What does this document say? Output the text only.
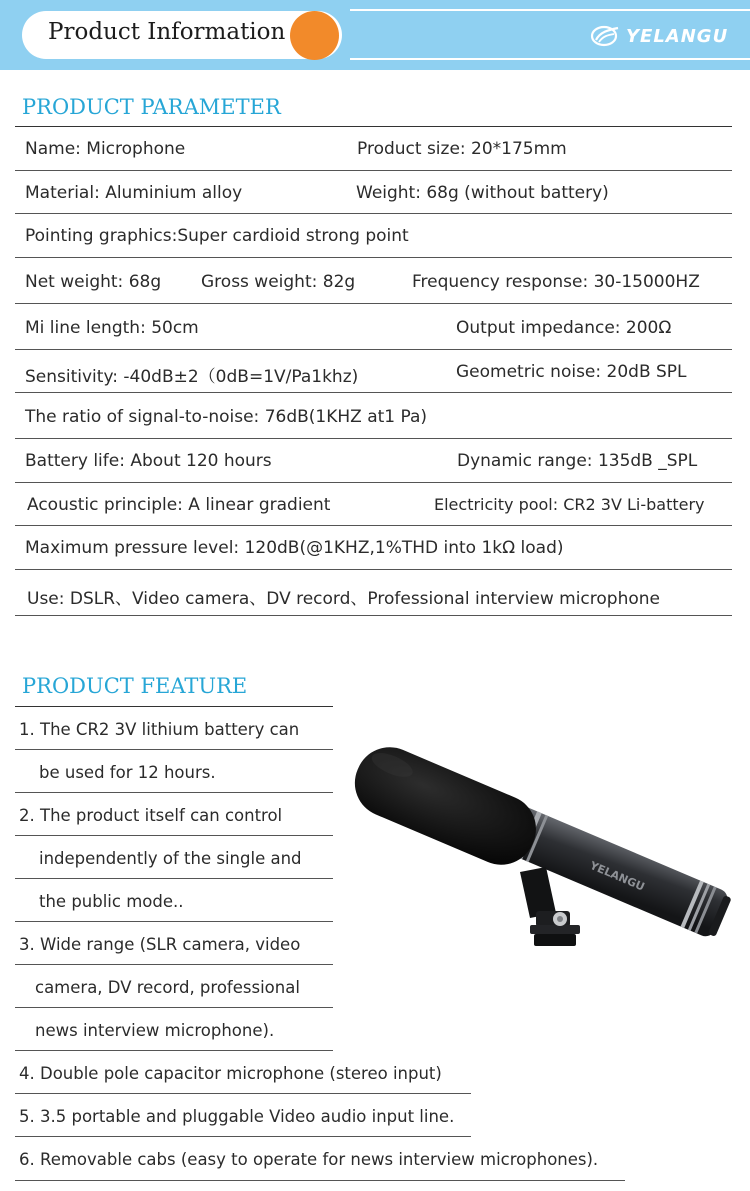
Product Information	YELANGU
PRODUCT PARAMETER
Name: Microphone	Product size: 20*175mm
Material: Aluminium alloy	Weight: 68g (without battery)
Pointing graphics:Super cardioid strong point
Net weight: 68g Gross weight: 82g	Frequency response: 30-15000HZ
Mi line length: 50cm	Output impedance: 200Ω
Sensitivity: -40dB±2（0dB=1V/Pa1khz)	Geometric noise: 20dB SPL
The ratio of signal-to-noise: 76dB(1KHZ at1 Pa)
Battery life: About 120 hours	Dynamic range: 135dB _SPL
Acoustic principle: A linear gradient	Electricity pool: CR2 3V Li-battery
Maximum pressure level: 120dB(@1KHZ,1%THD into 1kΩ load)
Use: DSLR、Video camera、DV record、Professional interview microphone
PRODUCT FEATURE
1. The CR2 3V lithium battery can
be used for 12 hours.
2. The product itself can control
independently of the single and
the public mode..
3. Wide range (SLR camera, video
camera, DV record, professional
news interview microphone).
4. Double pole capacitor microphone (stereo input)
5. 3.5 portable and pluggable Video audio input line.
6. Removable cabs (easy to operate for news interview microphones).
YELANGU
